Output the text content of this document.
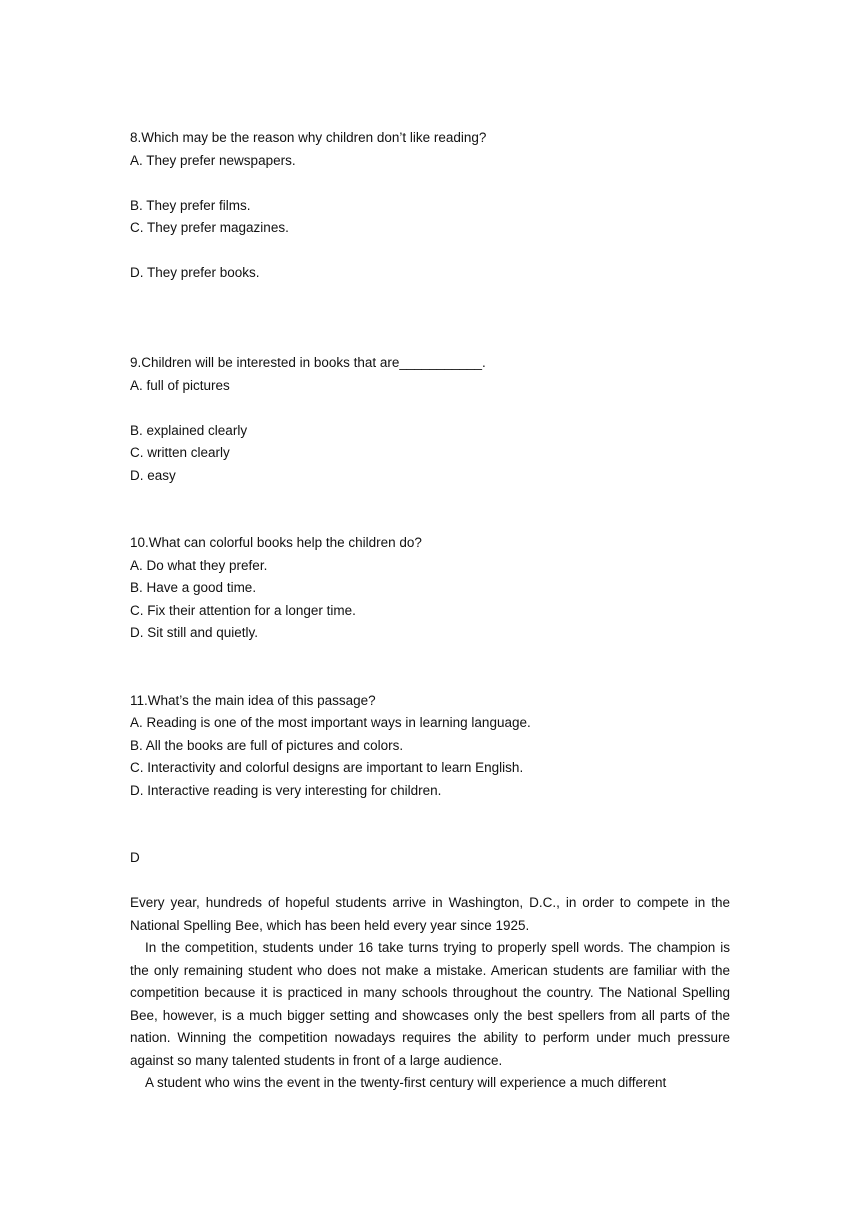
8.Which may be the reason why children don’t like reading?
A. They prefer newspapers.
B. They prefer films.
C. They prefer magazines.
D. They prefer books.
9.Children will be interested in books that are___________.
A. full of pictures
B. explained clearly
C. written clearly
D. easy
10.What can colorful books help the children do?
A. Do what they prefer.
B. Have a good time.
C. Fix their attention for a longer time.
D. Sit still and quietly.
11.What’s the main idea of this passage?
A. Reading is one of the most important ways in learning language.
B. All the books are full of pictures and colors.
C. Interactivity and colorful designs are important to learn English.
D. Interactive reading is very interesting for children.
D
Every year, hundreds of hopeful students arrive in Washington, D.C., in order to compete in the National Spelling Bee, which has been held every year since 1925.
In the competition, students under 16 take turns trying to properly spell words. The champion is the only remaining student who does not make a mistake. American students are familiar with the competition because it is practiced in many schools throughout the country. The National Spelling Bee, however, is a much bigger setting and showcases only the best spellers from all parts of the nation. Winning the competition nowadays requires the ability to perform under much pressure against so many talented students in front of a large audience.
A student who wins the event in the twenty-first century will experience a much different
